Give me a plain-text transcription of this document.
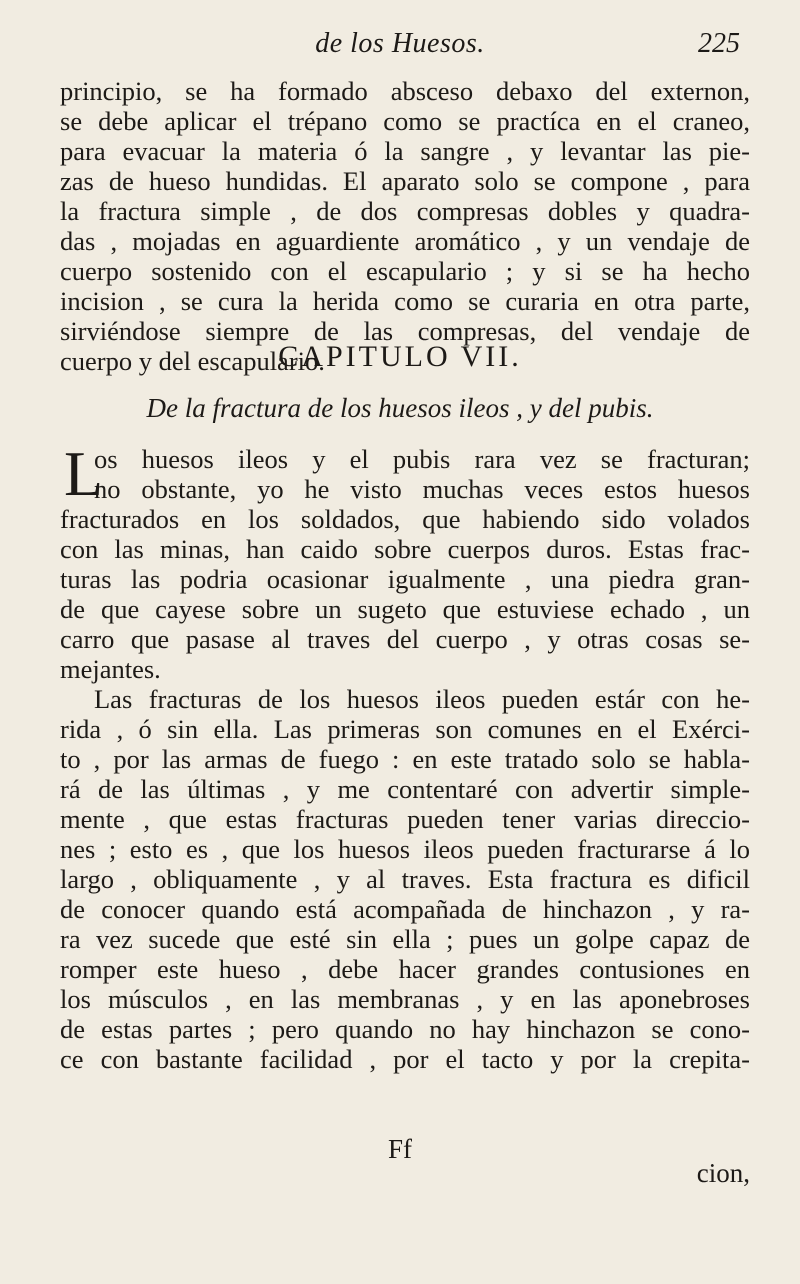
de los Huesos.	225
principio, se ha formado absceso debaxo del externon,
se debe aplicar el trépano como se practíca en el craneo,
para evacuar la materia ó la sangre , y levantar las pie-
zas de hueso hundidas. El aparato solo se compone , para
la fractura simple , de dos compresas dobles y quadra-
das , mojadas en aguardiente aromático , y un vendaje de
cuerpo sostenido con el escapulario ; y si se ha hecho
incision , se cura la herida como se curaria en otra parte,
sirviéndose siempre de las compresas, del vendaje de
cuerpo y del escapulario.
CAPITULO VII.
De la fractura de los huesos ileos , y del pubis.
L
os huesos ileos y el pubis rara vez se fracturan;
no obstante, yo he visto muchas veces estos huesos
fracturados en los soldados, que habiendo sido volados
con las minas, han caido sobre cuerpos duros. Estas frac-
turas las podria ocasionar igualmente , una piedra gran-
de que cayese sobre un sugeto que estuviese echado , un
carro que pasase al traves del cuerpo , y otras cosas se-
mejantes.
Las fracturas de los huesos ileos pueden estár con he-
rida , ó sin ella. Las primeras son comunes en el Exérci-
to , por las armas de fuego : en este tratado solo se habla-
rá de las últimas , y me contentaré con advertir simple-
mente , que estas fracturas pueden tener varias direccio-
nes ; esto es , que los huesos ileos pueden fracturarse á lo
largo , obliquamente , y al traves. Esta fractura es dificil
de conocer quando está acompañada de hinchazon , y ra-
ra vez sucede que esté sin ella ; pues un golpe capaz de
romper este hueso , debe hacer grandes contusiones en
los músculos , en las membranas , y en las aponebroses
de estas partes ; pero quando no hay hinchazon se cono-
ce con bastante facilidad , por el tacto y por la crepita-
Ff
cion,
